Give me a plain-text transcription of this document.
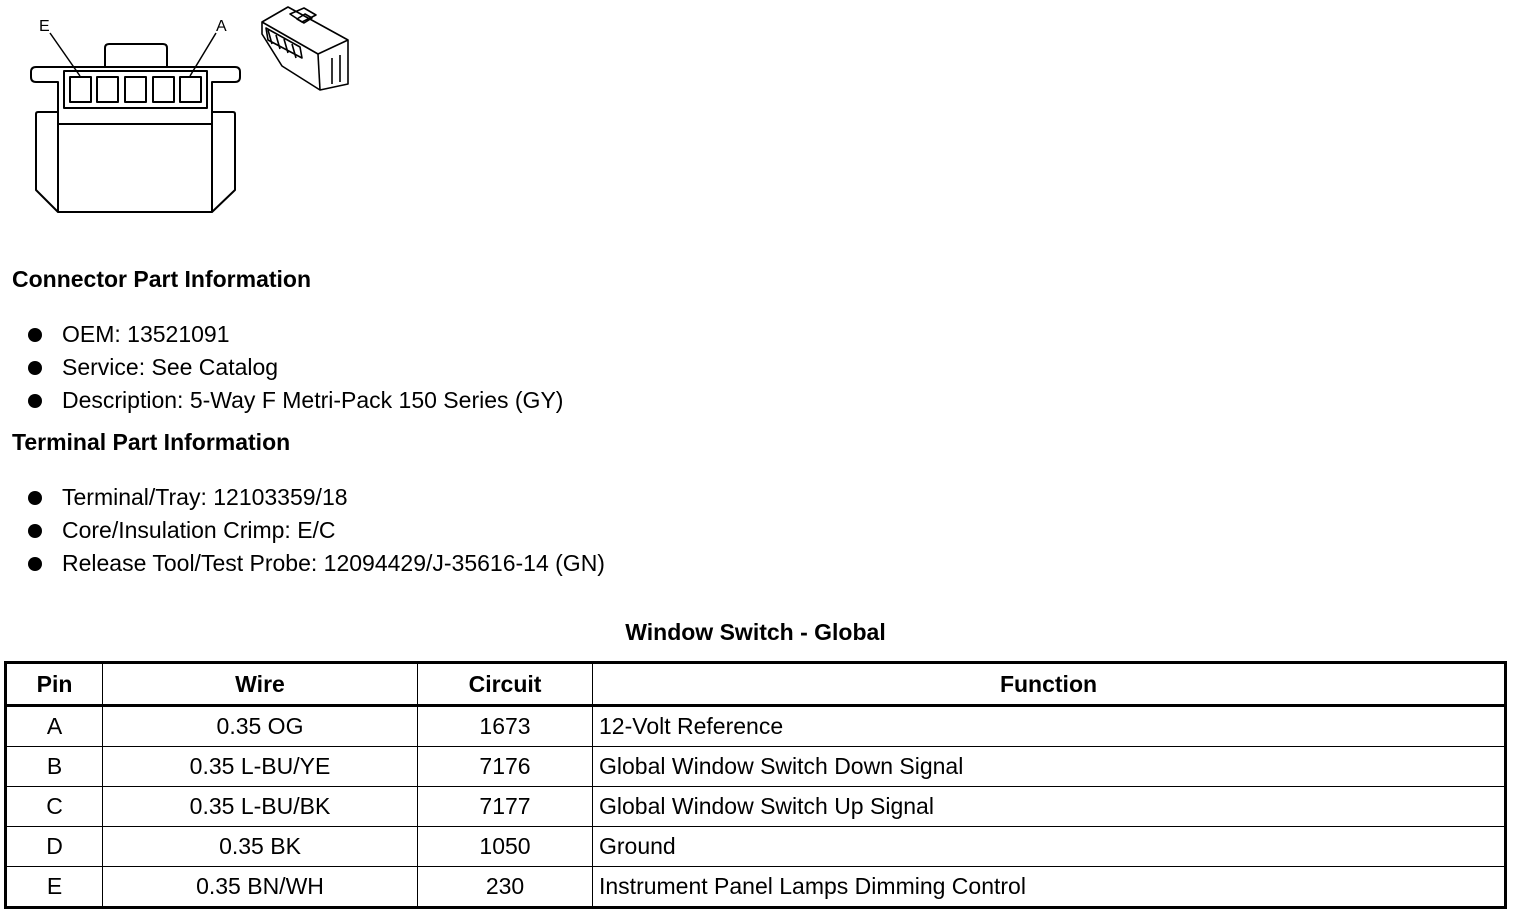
E	A
Connector Part Information
OEM: 13521091
Service: See Catalog
Description: 5-Way F Metri-Pack 150 Series (GY)
Terminal Part Information
Terminal/Tray: 12103359/18
Core/Insulation Crimp: E/C
Release Tool/Test Probe: 12094429/J-35616-14 (GN)
Window Switch - Global
Pin	Wire	Circuit	Function
A	0.35 OG	1673	12-Volt Reference
B	0.35 L-BU/YE	7176	Global Window Switch Down Signal
C	0.35 L-BU/BK	7177	Global Window Switch Up Signal
D	0.35 BK	1050	Ground
E	0.35 BN/WH	230	Instrument Panel Lamps Dimming Control
